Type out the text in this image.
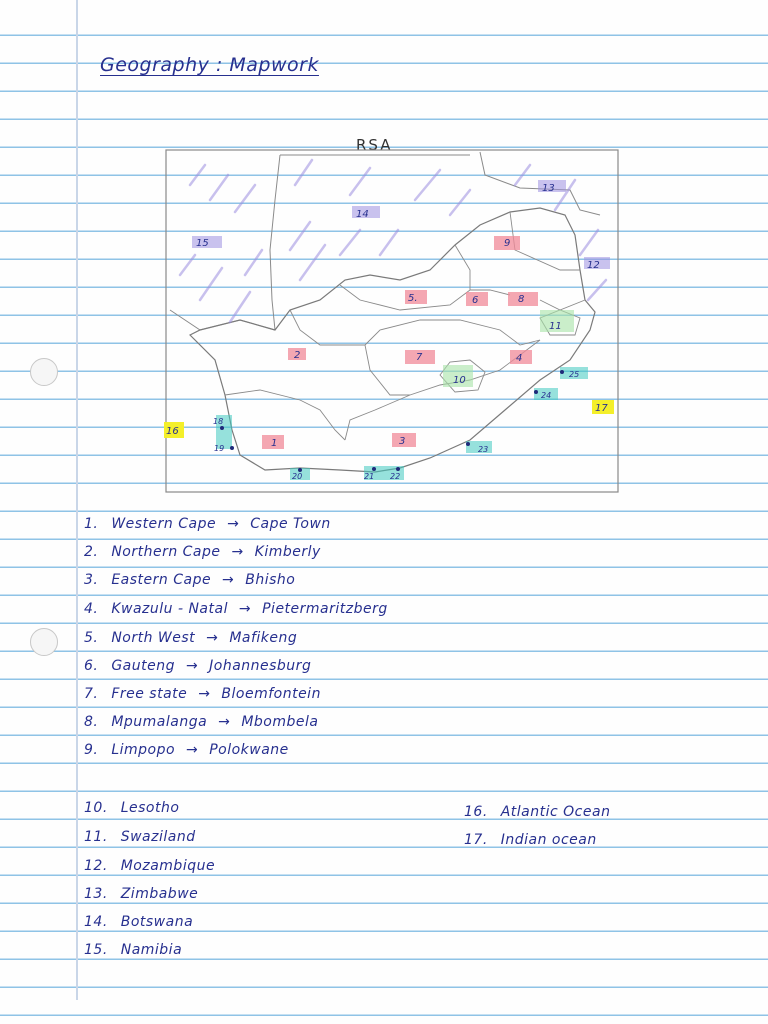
Geography : Mapwork
RSA
1
2
3
4
5.	6
7
8
9
10
11
12
13
14
15
16
17
18
19
20	21 22
23
24
25
1. Western Cape → Cape Town
2. Northern Cape → Kimberly
3. Eastern Cape → Bhisho
4. Kwazulu - Natal → Pietermaritzberg
5. North West → Mafikeng
6. Gauteng → Johannesburg
7. Free state → Bloemfontein
8. Mpumalanga → Mbombela
9. Limpopo → Polokwane
10. Lesotho
11. Swaziland
12. Mozambique
13. Zimbabwe
14. Botswana
15. Namibia
16. Atlantic Ocean
17. Indian ocean
